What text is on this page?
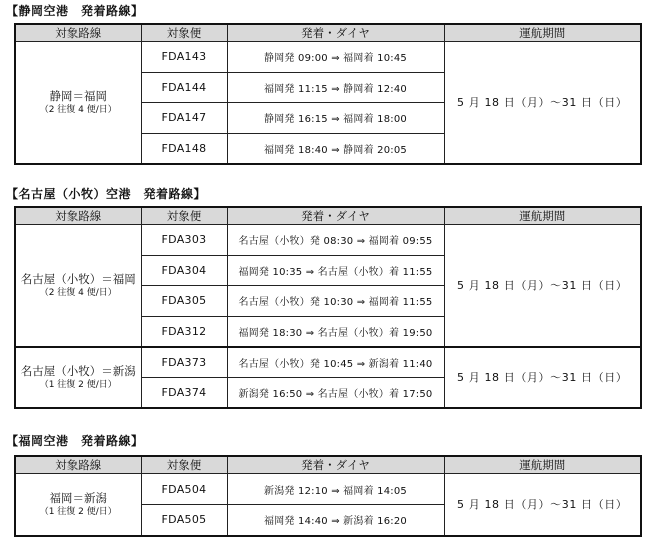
【静岡空港　発着路線】
対象路線	対象便	発着・ダイヤ	運航期間

静岡＝福岡
（2 往復 4 便/日）	FDA143	静岡発 09:00 ⇒ 福岡着 10:45	5 月 18 日（月）～31 日（日）
	FDA144	福岡発 11:15 ⇒ 静岡着 12:40	
	FDA147	静岡発 16:15 ⇒ 福岡着 18:00	
	FDA148	福岡発 18:40 ⇒ 静岡着 20:05	
【名古屋（小牧）空港　発着路線】
対象路線	対象便	発着・ダイヤ	運航期間

名古屋（小牧）＝福岡
（2 往復 4 便/日）	FDA303	名古屋（小牧）発 08:30 ⇒ 福岡着 09:55	5 月 18 日（月）～31 日（日）
	FDA304	福岡発 10:35 ⇒ 名古屋（小牧）着 11:55	
	FDA305	名古屋（小牧）発 10:30 ⇒ 福岡着 11:55	
	FDA312	福岡発 18:30 ⇒ 名古屋（小牧）着 19:50	

名古屋（小牧）＝新潟
（1 往復 2 便/日）	FDA373	名古屋（小牧）発 10:45 ⇒ 新潟着 11:40	5 月 18 日（月）～31 日（日）
	FDA374	新潟発 16:50 ⇒ 名古屋（小牧）着 17:50	
【福岡空港　発着路線】
対象路線	対象便	発着・ダイヤ	運航期間

福岡＝新潟
（1 往復 2 便/日）	FDA504	新潟発 12:10 ⇒ 福岡着 14:05	5 月 18 日（月）～31 日（日）
	FDA505	福岡発 14:40 ⇒ 新潟着 16:20	
